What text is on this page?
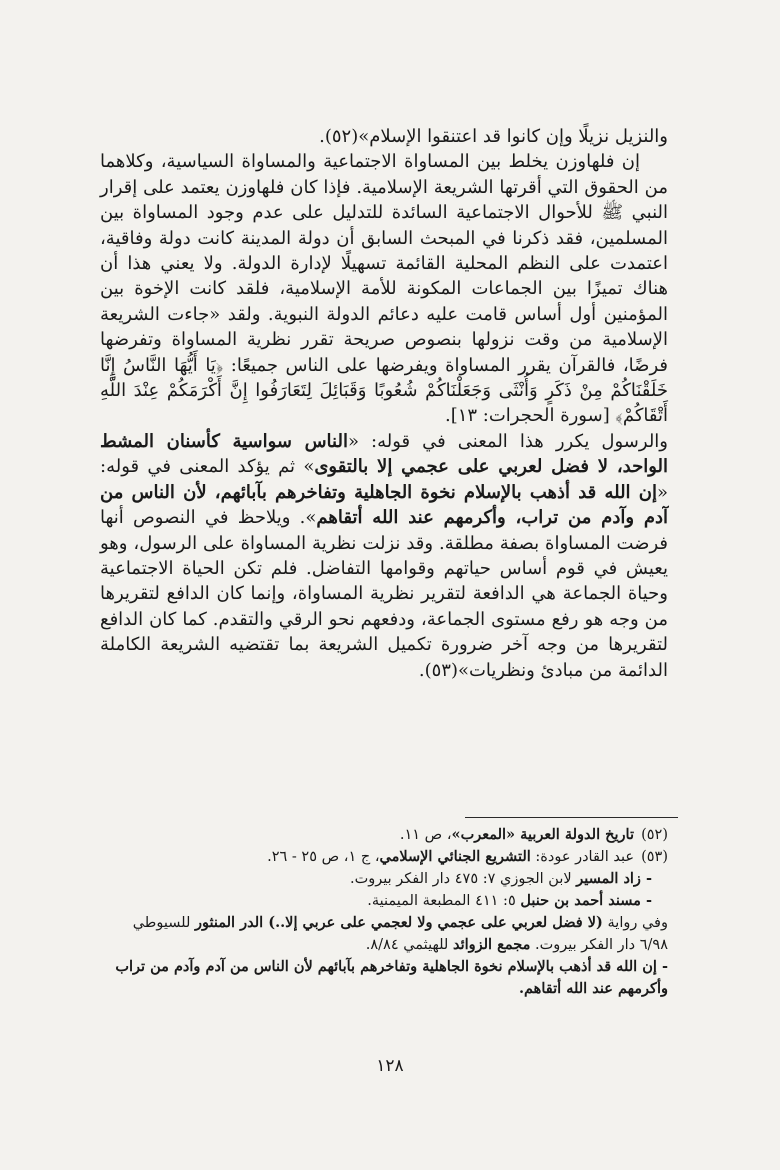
والنزيل نزيلًا وإن كانوا قد اعتنقوا الإسلام»(٥٢).

إن فلهاوزن يخلط بين المساواة الاجتماعية والمساواة السياسية، وكلاهما من الحقوق التي أقرتها الشريعة الإسلامية. فإذا كان فلهاوزن يعتمد على إقرار النبي ﷺ للأحوال الاجتماعية السائدة للتدليل على عدم وجود المساواة بين المسلمين، فقد ذكرنا في المبحث السابق أن دولة المدينة كانت دولة وفاقية، اعتمدت على النظم المحلية القائمة تسهيلًا لإدارة الدولة. ولا يعني هذا أن هناك تميزًا بين الجماعات المكونة للأمة الإسلامية، فلقد كانت الإخوة بين المؤمنين أول أساس قامت عليه دعائم الدولة النبوية. ولقد «جاءت الشريعة الإسلامية من وقت نزولها بنصوص صريحة تقرر نظرية المساواة وتفرضها فرضًا، فالقرآن يقرر المساواة ويفرضها على الناس جميعًا: ﴿يَا أَيُّهَا النَّاسُ إِنَّا خَلَقْنَاكُمْ مِنْ ذَكَرٍ وَأُنْثَى وَجَعَلْنَاكُمْ شُعُوبًا وَقَبَائِلَ لِتَعَارَفُوا إِنَّ أَكْرَمَكُمْ عِنْدَ اللَّهِ أَتْقَاكُمْ﴾ [سورة الحجرات: ١٣].

والرسول يكرر هذا المعنى في قوله: «الناس سواسية كأسنان المشط الواحد، لا فضل لعربي على عجمي إلا بالتقوى» ثم يؤكد المعنى في قوله: «إن الله قد أذهب بالإسلام نخوة الجاهلية وتفاخرهم بآبائهم، لأن الناس من آدم وآدم من تراب، وأكرمهم عند الله أتقاهم». ويلاحظ في النصوص أنها فرضت المساواة بصفة مطلقة. وقد نزلت نظرية المساواة على الرسول، وهو يعيش في قوم أساس حياتهم وقوامها التفاضل. فلم تكن الحياة الاجتماعية وحياة الجماعة هي الدافعة لتقرير نظرية المساواة، وإنما كان الدافع لتقريرها من وجه هو رفع مستوى الجماعة، ودفعهم نحو الرقي والتقدم. كما كان الدافع لتقريرها من وجه آخر ضرورة تكميل الشريعة بما تقتضيه الشريعة الكاملة الدائمة من مبادئ ونظريات»(٥٣).

(٥٢)تاريخ الدولة العربية «المعرب»، ص ١١.

(٥٣)عبد القادر عودة: التشريع الجنائي الإسلامي، ج ١، ص ٢٥ - ٢٦.

- زاد المسير لابن الجوزي ٧: ٤٧٥ دار الفكر بيروت.

- مسند أحمد بن حنبل ٥: ٤١١ المطبعة الميمنية.

وفي رواية (لا فضل لعربي على عجمي ولا لعجمي على عربي إلا..) الدر المنثور للسيوطي ٦/٩٨ دار الفكر بيروت. مجمع الزوائد للهيثمي ٨/٨٤.

- إن الله قد أذهب بالإسلام نخوة الجاهلية وتفاخرهم بآبائهم لأن الناس من آدم وآدم من تراب وأكرمهم عند الله أتقاهم.

١٢٨
